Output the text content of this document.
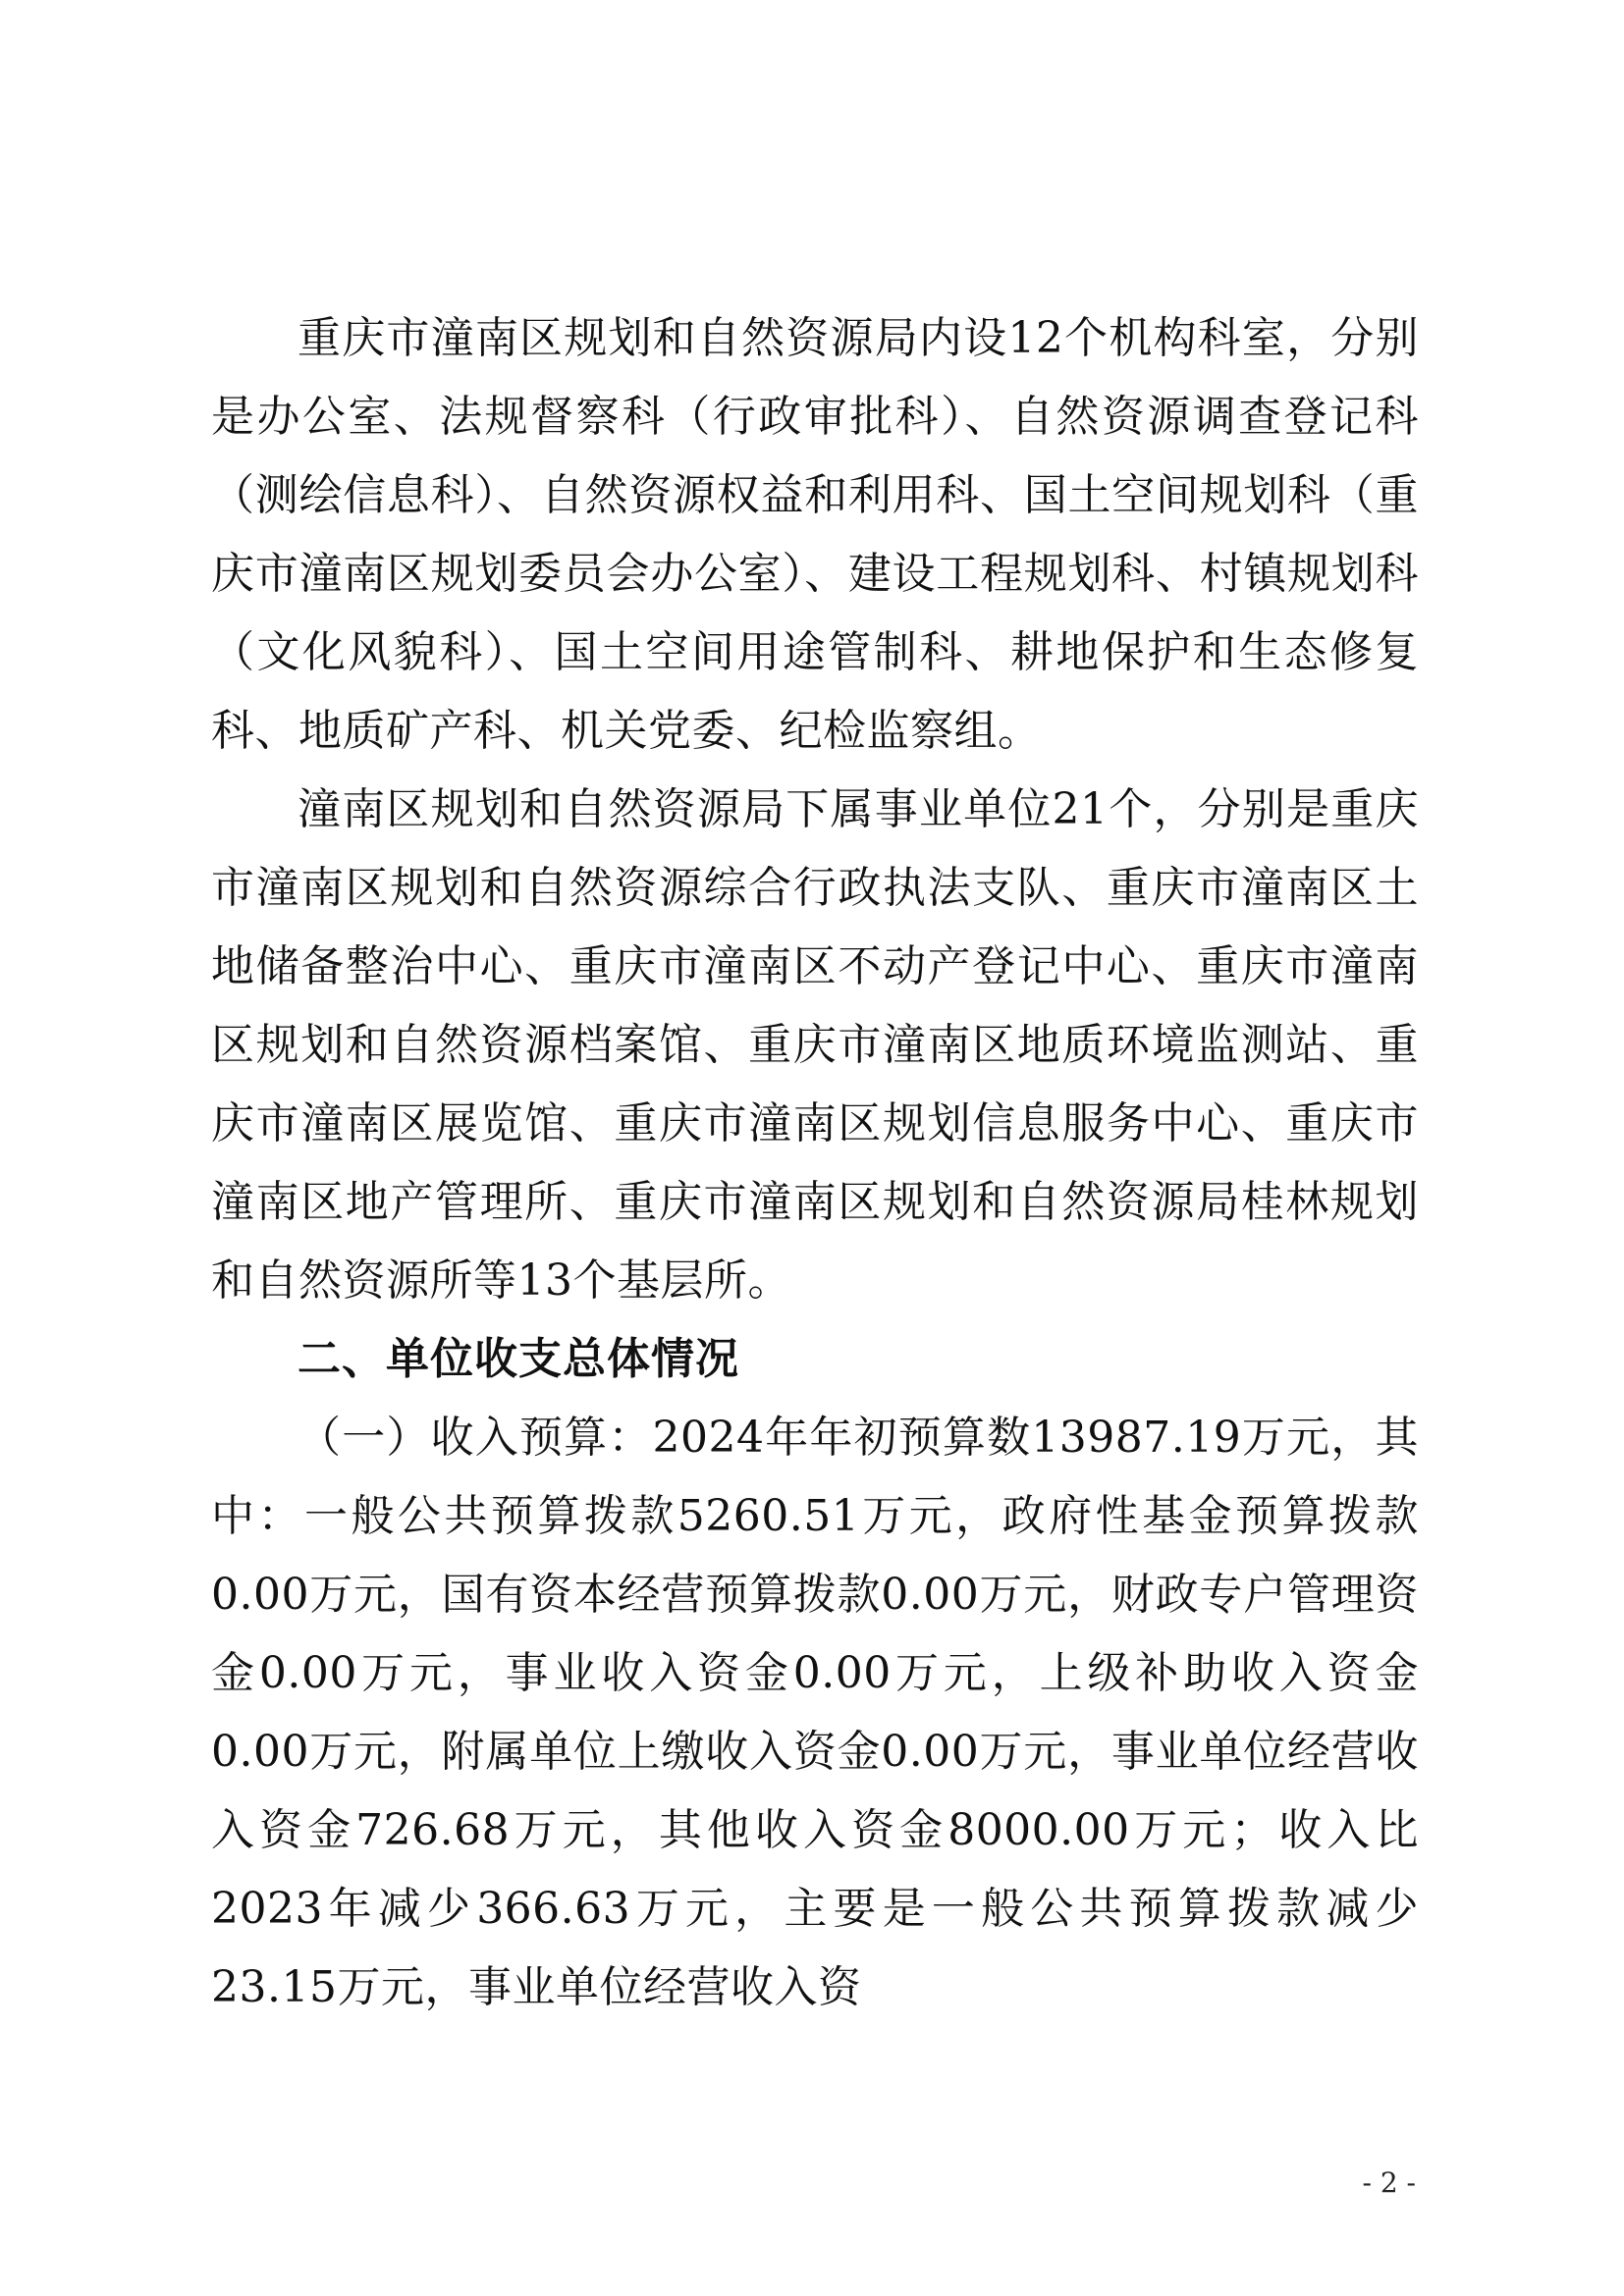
重庆市潼南区规划和自然资源局内设12个机构科室，分别是办公室、法规督察科（行政审批科）、自然资源调查登记科（测绘信息科）、自然资源权益和利用科、国土空间规划科（重庆市潼南区规划委员会办公室）、建设工程规划科、村镇规划科（文化风貌科）、国土空间用途管制科、耕地保护和生态修复科、地质矿产科、机关党委、纪检监察组。

潼南区规划和自然资源局下属事业单位21个，分别是重庆市潼南区规划和自然资源综合行政执法支队、重庆市潼南区土地储备整治中心、重庆市潼南区不动产登记中心、重庆市潼南区规划和自然资源档案馆、重庆市潼南区地质环境监测站、重庆市潼南区展览馆、重庆市潼南区规划信息服务中心、重庆市潼南区地产管理所、重庆市潼南区规划和自然资源局桂林规划和自然资源所等13个基层所。

二、单位收支总体情况

（一）收入预算：2024年年初预算数13987.19万元，其中：一般公共预算拨款5260.51万元，政府性基金预算拨款0.00万元，国有资本经营预算拨款0.00万元，财政专户管理资金0.00万元，事业收入资金0.00万元，上级补助收入资金0.00万元，附属单位上缴收入资金0.00万元，事业单位经营收入资金726.68万元，其他收入资金8000.00万元；收入比2023年减少366.63万元，主要是一般公共预算拨款减少23.15万元，事业单位经营收入资

- 2 -
